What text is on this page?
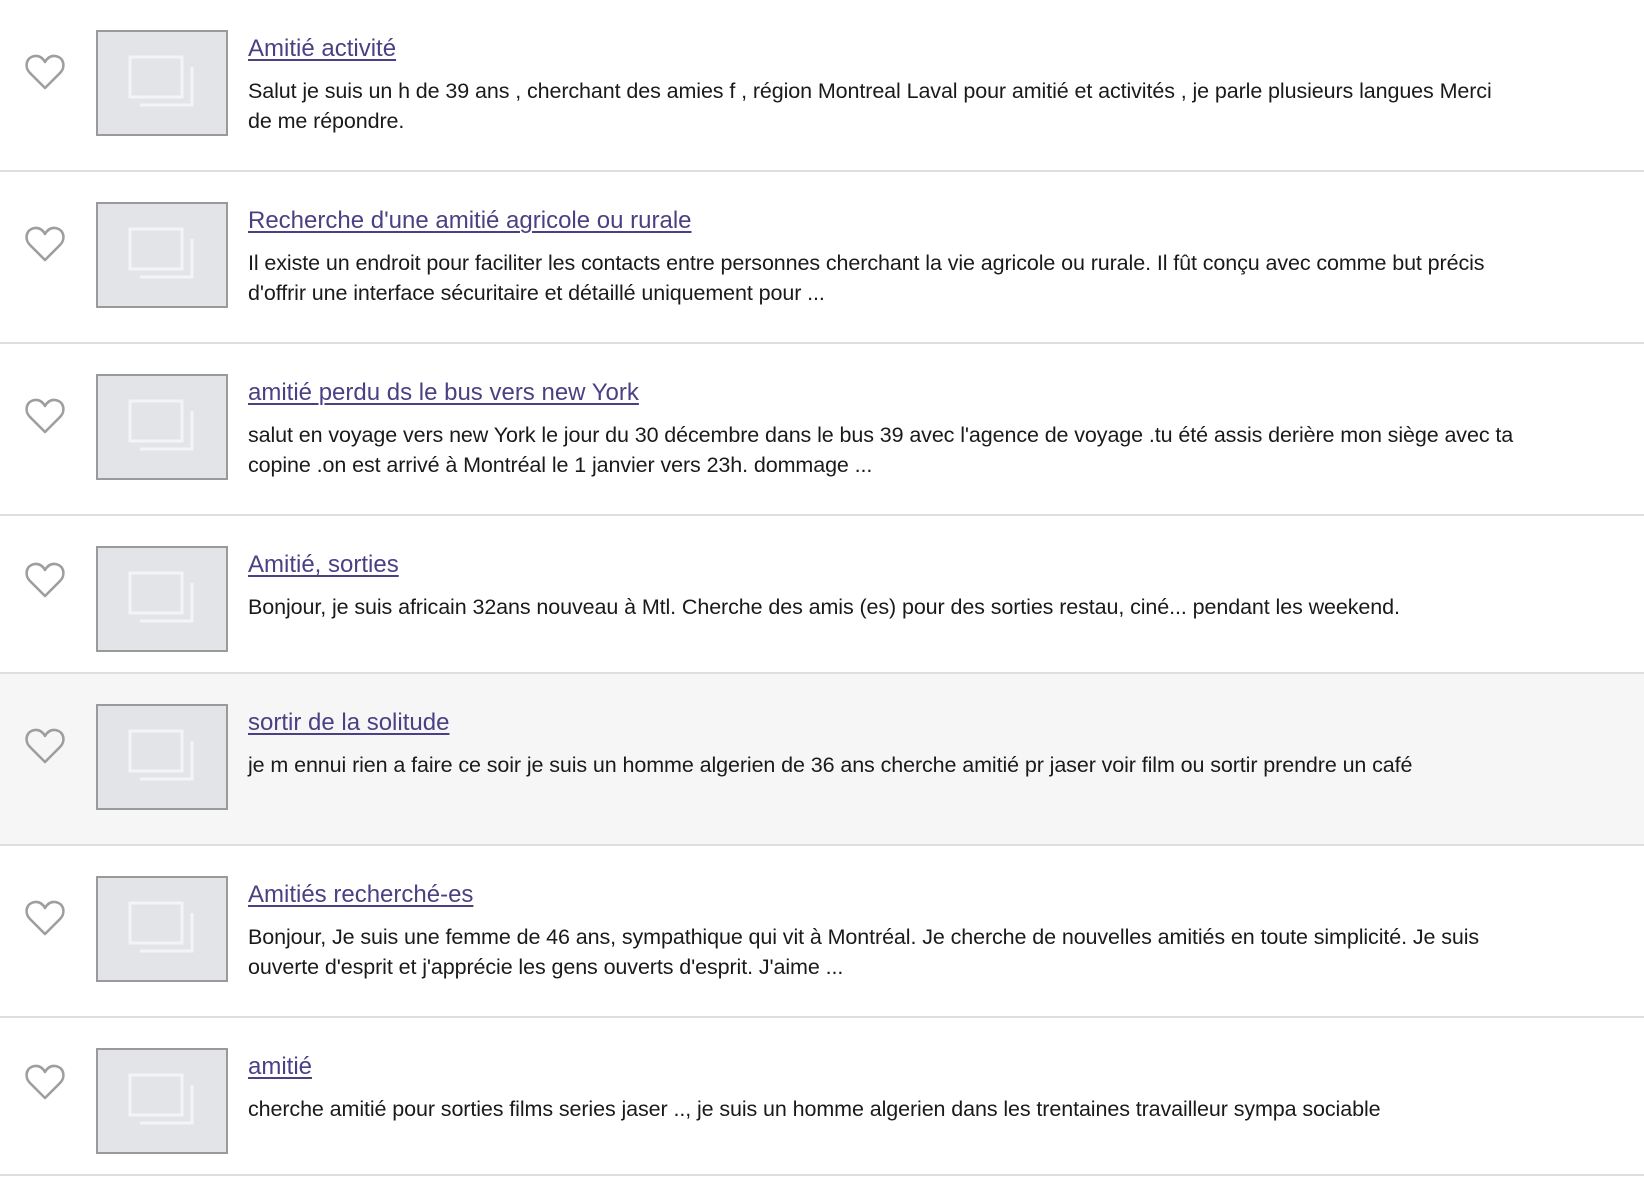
Amitié activité

Salut je suis un h de 39 ans , cherchant des amies f , région Montreal Laval pour amitié et activités , je parle plusieurs langues Merci de me répondre.

Recherche d'une amitié agricole ou rurale

Il existe un endroit pour faciliter les contacts entre personnes cherchant la vie agricole ou rurale. Il fût conçu avec comme but précis d'offrir une interface sécuritaire et détaillé uniquement pour ...

amitié perdu ds le bus vers new York

salut en voyage vers new York le jour du 30 décembre dans le bus 39 avec l'agence de voyage .tu été assis derière mon siège avec ta copine .on est arrivé à Montréal le 1 janvier vers 23h. dommage ...

Amitié, sorties

Bonjour, je suis africain 32ans nouveau à Mtl. Cherche des amis (es) pour des sorties restau, ciné... pendant les weekend.

sortir de la solitude

je m ennui rien a faire ce soir je suis un homme algerien de 36 ans cherche amitié pr jaser voir film ou sortir prendre un café

Amitiés recherché-es

Bonjour, Je suis une femme de 46 ans, sympathique qui vit à Montréal. Je cherche de nouvelles amitiés en toute simplicité. Je suis ouverte d'esprit et j'apprécie les gens ouverts d'esprit. J'aime ...

amitié

cherche amitié pour sorties films series jaser .., je suis un homme algerien dans les trentaines travailleur sympa sociable
